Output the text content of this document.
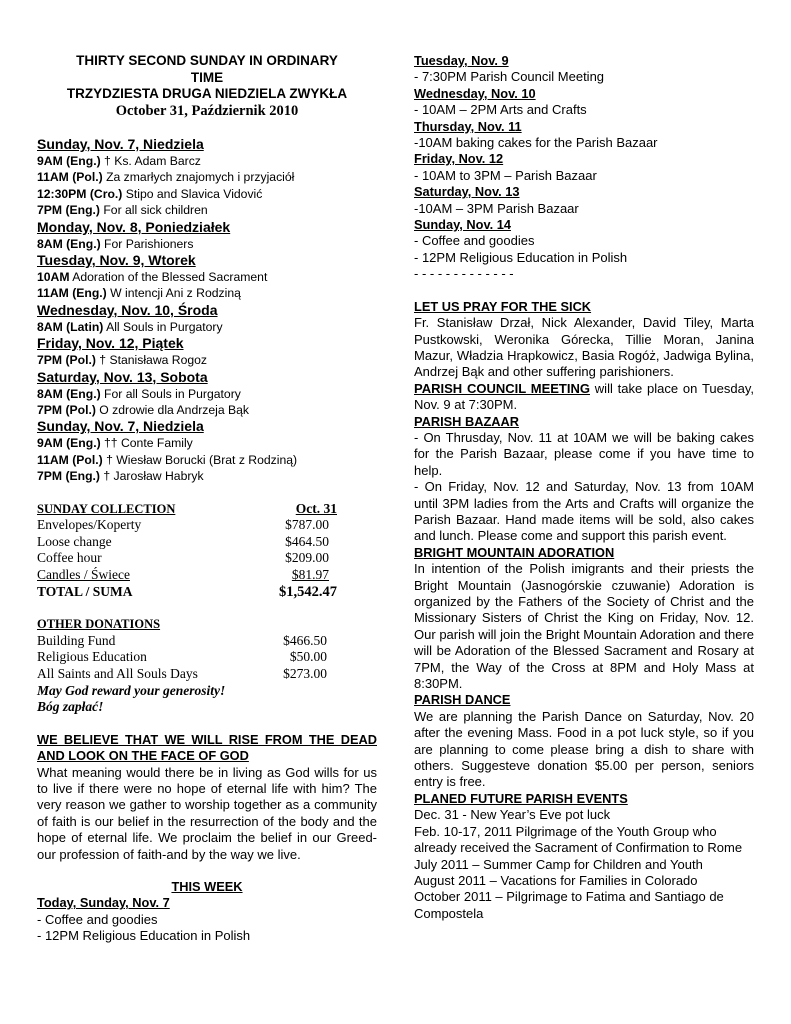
THIRTY SECOND SUNDAY IN ORDINARY
TIME
TRZYDZIESTA DRUGA NIEDZIELA ZWYKŁA
October 31, Październik 2010
Sunday, Nov. 7, Niedziela
9AM (Eng.) † Ks. Adam Barcz
11AM (Pol.) Za zmarłych znajomych i przyjaciół
12:30PM (Cro.) Stipo and Slavica Vidović
7PM (Eng.) For all sick children
Monday, Nov. 8, Poniedziałek
8AM (Eng.) For Parishioners
Tuesday, Nov. 9, Wtorek
10AM Adoration of the Blessed Sacrament
11AM (Eng.) W intencji Ani z Rodziną
Wednesday, Nov. 10, Środa
8AM (Latin) All Souls in Purgatory
Friday, Nov. 12, Piątek
7PM (Pol.) † Stanisława Rogoz
Saturday, Nov. 13, Sobota
8AM (Eng.) For all Souls in Purgatory
7PM (Pol.) O zdrowie dla Andrzeja Bąk
Sunday, Nov. 7, Niedziela
9AM (Eng.) †† Conte Family
11AM (Pol.) † Wiesław Borucki (Brat z Rodziną)
7PM (Eng.) † Jarosław Habryk
SUNDAY COLLECTION	Oct. 31
Envelopes/Koperty	$787.00
Loose change	$464.50
Coffee hour	$209.00
Candles / Świece	$81.97
TOTAL / SUMA	$1,542.47
OTHER DONATIONS
Building Fund	$466.50
Religious Education	$50.00
All Saints and All Souls Days	$273.00
May God reward your generosity!
Bóg zapłać!
WE BELIEVE THAT WE WILL RISE FROM THE DEAD AND LOOK ON THE FACE OF GOD
What meaning would there be in living as God wills for us to live if there were no hope of eternal life with him? The very reason we gather to worship together as a community of faith is our belief in the resurrection of the body and the hope of eternal life. We proclaim the belief in our Greed-our profession of faith-and by the way we live.
THIS WEEK
Today, Sunday, Nov. 7
- Coffee and goodies
- 12PM Religious Education in Polish
Tuesday, Nov. 9
- 7:30PM Parish Council Meeting
Wednesday, Nov. 10
- 10AM – 2PM Arts and Crafts
Thursday, Nov. 11
-10AM baking cakes for the Parish Bazaar
Friday, Nov. 12
- 10AM to 3PM – Parish Bazaar
Saturday, Nov. 13
-10AM – 3PM Parish Bazaar
Sunday, Nov. 14
- Coffee and goodies
- 12PM Religious Education in Polish
- - - - - - - - - - - - -
LET US PRAY FOR THE SICK
Fr. Stanisław Drzał, Nick Alexander, David Tiley, Marta Pustkowski, Weronika Górecka, Tillie Moran, Janina Mazur, Władzia Hrapkowicz, Basia Rogóż, Jadwiga Bylina, Andrzej Bąk and other suffering parishioners.
PARISH COUNCIL MEETING will take place on Tuesday, Nov. 9 at 7:30PM.
PARISH BAZAAR
- On Thrusday, Nov. 11 at 10AM we will be baking cakes for the Parish Bazaar, please come if you have time to help.
- On Friday, Nov. 12 and Saturday, Nov. 13 from 10AM until 3PM ladies from the Arts and Crafts will organize the Parish Bazaar. Hand made items will be sold, also cakes and lunch. Please come and support this parish event.
BRIGHT MOUNTAIN ADORATION
In intention of the Polish imigrants and their priests the Bright Mountain (Jasnogórskie czuwanie) Adoration is organized by the Fathers of the Society of Christ and the Missionary Sisters of Christ the King on Friday, Nov. 12. Our parish will join the Bright Mountain Adoration and there will be Adoration of the Blessed Sacrament and Rosary at 7PM, the Way of the Cross at 8PM and Holy Mass at 8:30PM.
PARISH DANCE
We are planning the Parish Dance on Saturday, Nov. 20 after the evening Mass. Food in a pot luck style, so if you are planning to come please bring a dish to share with others. Suggesteve donation $5.00 per person, seniors entry is free.
PLANED FUTURE PARISH EVENTS
Dec. 31 - New Year’s Eve pot luck
Feb. 10-17, 2011 Pilgrimage of the Youth Group who already received the Sacrament of Confirmation to Rome
July 2011 – Summer Camp for Children and Youth
August 2011 – Vacations for Families in Colorado
October 2011 – Pilgrimage to Fatima and Santiago de Compostela
